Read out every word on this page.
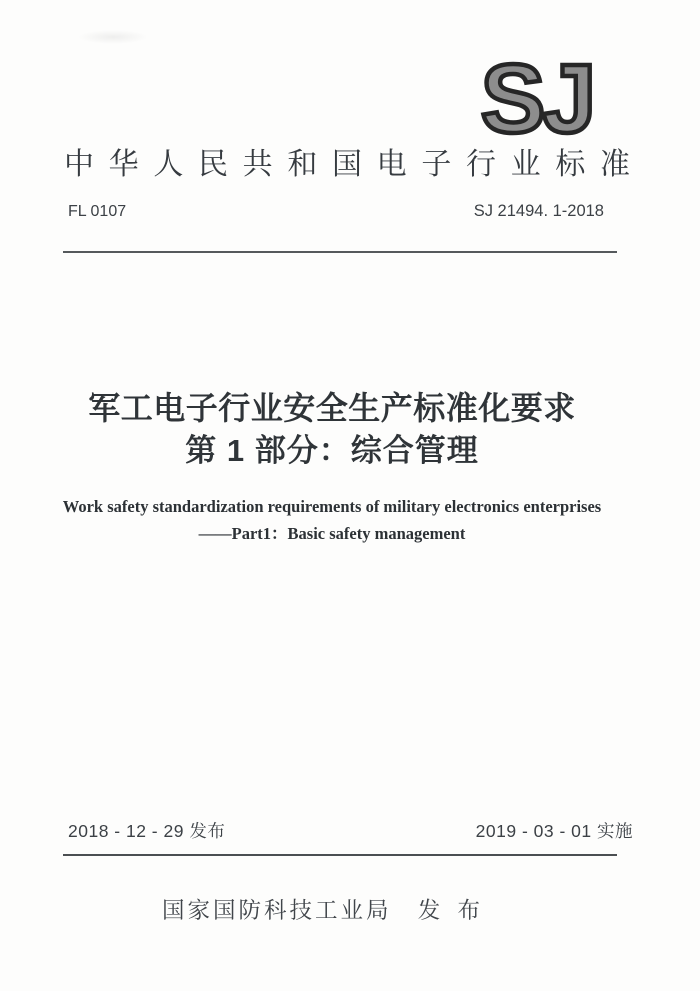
SJ
中华人民共和国电子行业标准
FL 0107	SJ 21494. 1-2018
军工电子行业安全生产标准化要求
第 1 部分：综合管理
Work safety standardization requirements of military electronics enterprises
——Part1：Basic safety management
2018 - 12 - 29 发布	2019 - 03 - 01 实施
国家国防科技工业局 发 布
